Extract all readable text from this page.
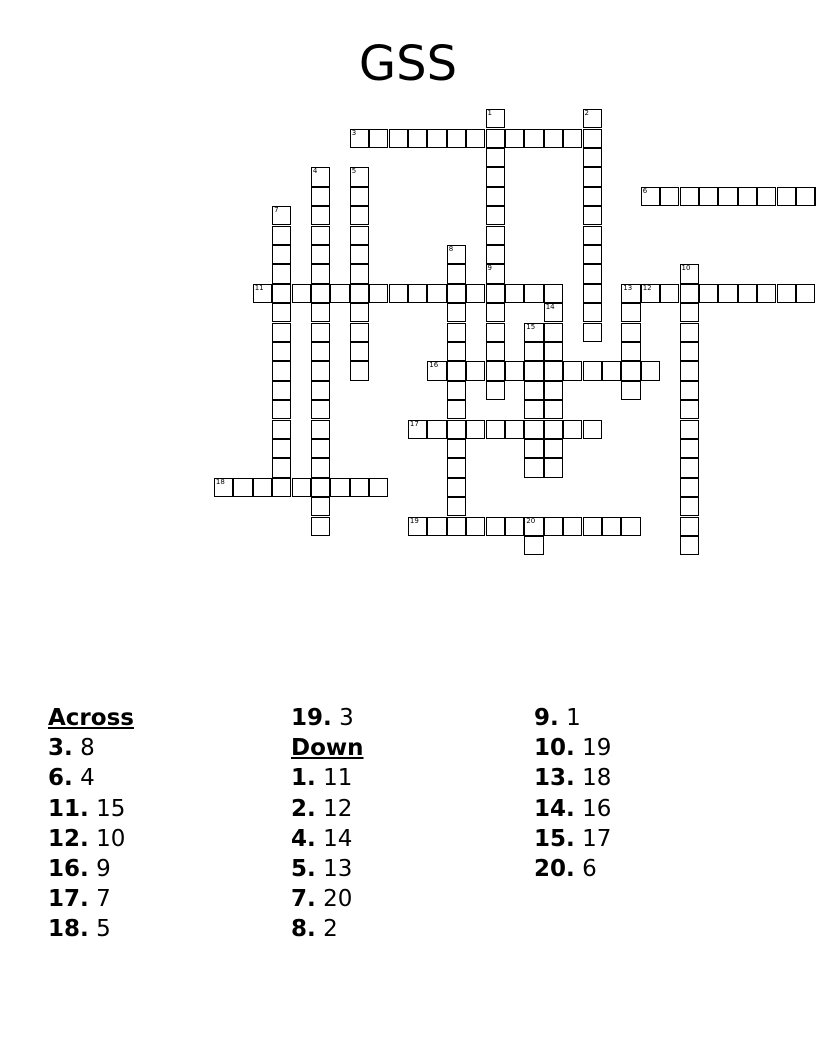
GSS
3
6
11	12
16
17
18
19	20
1
9
2
4	5
7
8
10
13
14
15
Across
3. 8
6. 4
11. 15
12. 10
16. 9
17. 7
18. 5
19. 3
Down
1. 11
2. 12
4. 14
5. 13
7. 20
8. 2
9. 1
10. 19
13. 18
14. 16
15. 17
20. 6
